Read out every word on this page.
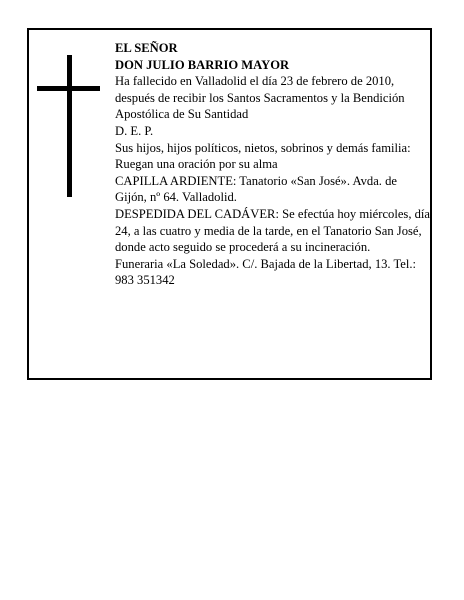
EL SEÑOR
DON JULIO BARRIO MAYOR
Ha fallecido en Valladolid el día 23 de febrero de 2010, después de recibir los Santos Sacramentos y la Bendición Apostólica de Su Santidad
D. E. P.
Sus hijos, hijos políticos, nietos, sobrinos y demás familia:
Ruegan una oración por su alma
CAPILLA ARDIENTE: Tanatorio «San José». Avda. de Gijón, nº 64. Valladolid.
DESPEDIDA DEL CADÁVER: Se efectúa hoy miércoles, día 24, a las cuatro y media de la tarde, en el Tanatorio San José, donde acto seguido se procederá a su incineración.
Funeraria «La Soledad». C/. Bajada de la Libertad, 13. Tel.: 983 351342
